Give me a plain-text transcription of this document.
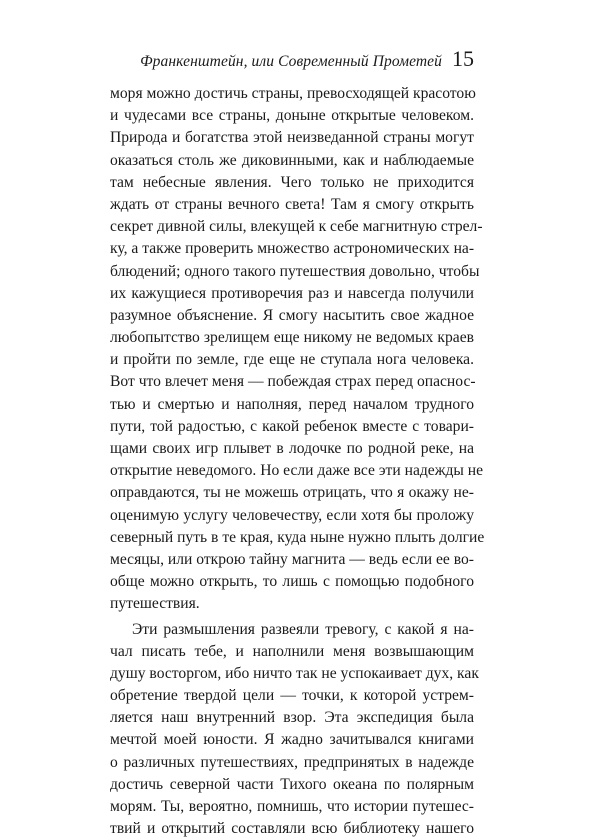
Франкенштейн, или Современный Прометей 15
моря можно достичь страны, превосходящей красотою
и чудесами все страны, доныне открытые человеком.
Природа и богатства этой неизведанной страны могут
оказаться столь же диковинными, как и наблюдаемые
там небесные явления. Чего только не приходится
ждать от страны вечного света! Там я смогу открыть
секрет дивной силы, влекущей к себе магнитную стрел-
ку, а также проверить множество астрономических на-
блюдений; одного такого путешествия довольно, чтобы
их кажущиеся противоречия раз и навсегда получили
разумное объяснение. Я смогу насытить свое жадное
любопытство зрелищем еще никому не ведомых краев
и пройти по земле, где еще не ступала нога человека.
Вот что влечет меня — побеждая страх перед опаснос-
тью и смертью и наполняя, перед началом трудного
пути, той радостью, с какой ребенок вместе с товари-
щами своих игр плывет в лодочке по родной реке, на
открытие неведомого. Но если даже все эти надежды не
оправдаются, ты не можешь отрицать, что я окажу не-
оценимую услугу человечеству, если хотя бы проложу
северный путь в те края, куда ныне нужно плыть долгие
месяцы, или открою тайну магнита — ведь если ее во-
обще можно открыть, то лишь с помощью подобного
путешествия.
Эти размышления развеяли тревогу, с какой я на-
чал писать тебе, и наполнили меня возвышающим
душу восторгом, ибо ничто так не успокаивает дух, как
обретение твердой цели — точки, к которой устрем-
ляется наш внутренний взор. Эта экспедиция была
мечтой моей юности. Я жадно зачитывался книгами
о различных путешествиях, предпринятых в надежде
достичь северной части Тихого океана по полярным
морям. Ты, вероятно, помнишь, что истории путешес-
твий и открытий составляли всю библиотеку нашего
